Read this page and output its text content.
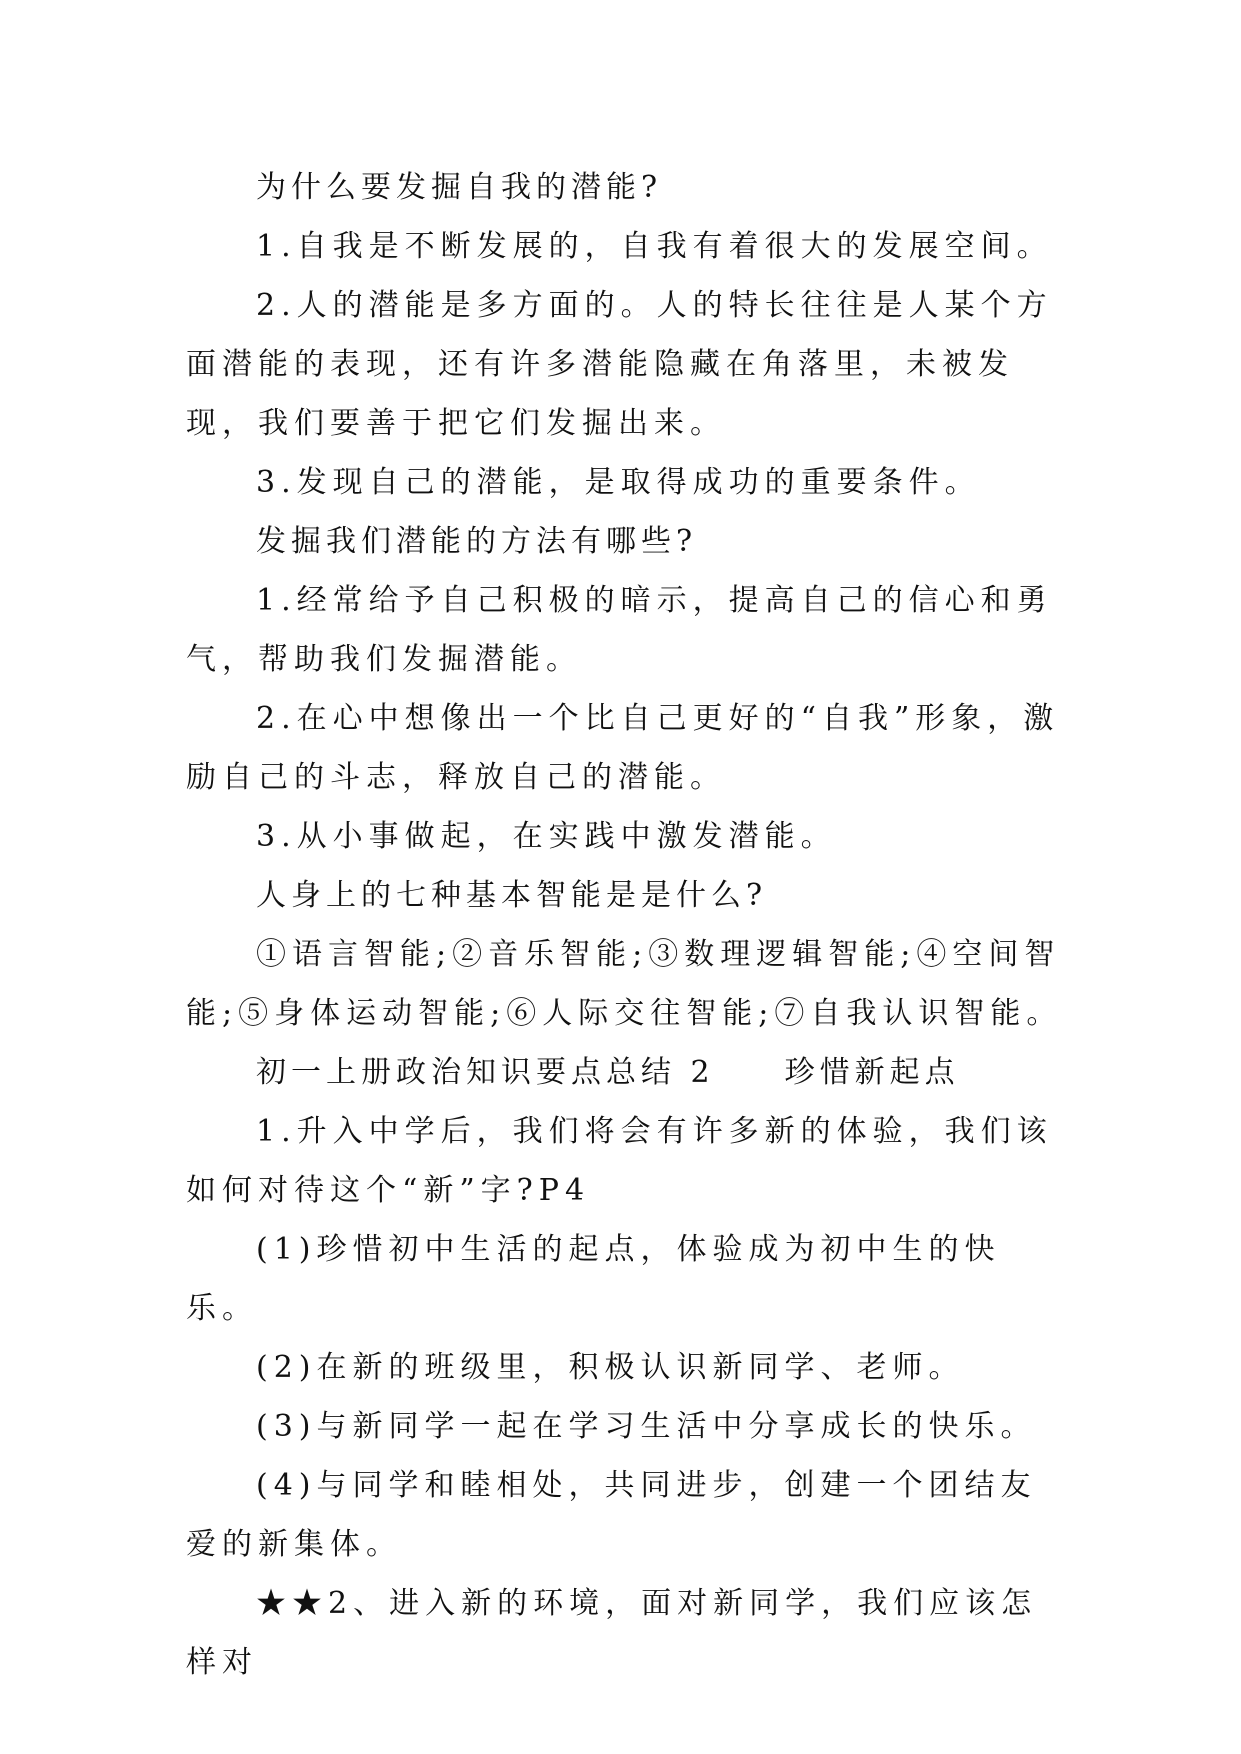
为什么要发掘自我的潜能?

1.自我是不断发展的，自我有着很大的发展空间。

2.人的潜能是多方面的。人的特长往往是人某个方面潜能的表现，还有许多潜能隐藏在角落里，未被发现，我们要善于把它们发掘出来。

3.发现自己的潜能，是取得成功的重要条件。

发掘我们潜能的方法有哪些?

1.经常给予自己积极的暗示，提高自己的信心和勇气，帮助我们发掘潜能。

2.在心中想像出一个比自己更好的“自我”形象，激励自己的斗志，释放自己的潜能。

3.从小事做起，在实践中激发潜能。

人身上的七种基本智能是是什么?

①语言智能;②音乐智能;③数理逻辑智能;④空间智能;⑤身体运动智能;⑥人际交往智能;⑦自我认识智能。

初一上册政治知识要点总结 2　　珍惜新起点

1.升入中学后，我们将会有许多新的体验，我们该如何对待这个“新”字?P4

(1)珍惜初中生活的起点，体验成为初中生的快乐。

(2)在新的班级里，积极认识新同学、老师。

(3)与新同学一起在学习生活中分享成长的快乐。

(4)与同学和睦相处，共同进步，创建一个团结友爱的新集体。

★★2、进入新的环境，面对新同学，我们应该怎样对
